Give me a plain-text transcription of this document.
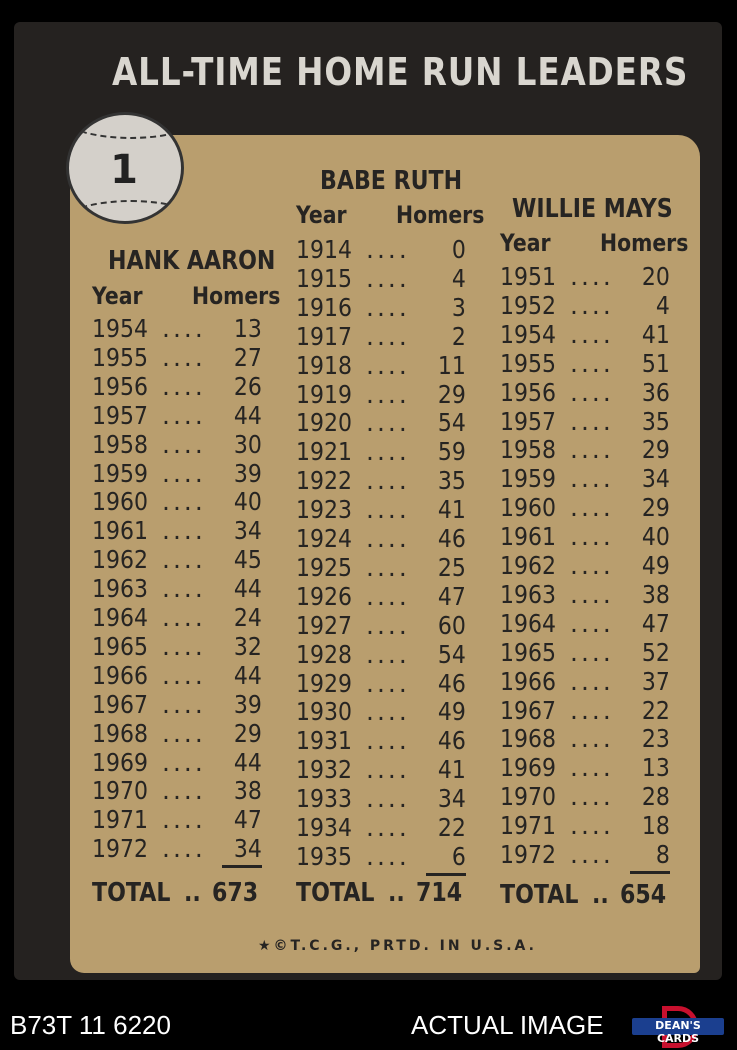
ALL-TIME HOME RUN LEADERS
1
HANK AARON
Year Homers
1954 .... 13
1955 .... 27
1956 .... 26
1957 .... 44
1958 .... 30
1959 .... 39
1960 .... 40
1961 .... 34
1962 .... 45
1963 .... 44
1964 .... 24
1965 .... 32
1966 .... 44
1967 .... 39
1968 .... 29
1969 .... 44
1970 .... 38
1971 .... 47
1972 .... 34
TOTAL .. 673
BABE RUTH
Year Homers
1914 .... 0
1915 .... 4
1916 .... 3
1917 .... 2
1918 .... 11
1919 .... 29
1920 .... 54
1921 .... 59
1922 .... 35
1923 .... 41
1924 .... 46
1925 .... 25
1926 .... 47
1927 .... 60
1928 .... 54
1929 .... 46
1930 .... 49
1931 .... 46
1932 .... 41
1933 .... 34
1934 .... 22
1935 .... 6
TOTAL .. 714
WILLIE MAYS
Year Homers
1951 .... 20
1952 .... 4
1954 .... 41
1955 .... 51
1956 .... 36
1957 .... 35
1958 .... 29
1959 .... 34
1960 .... 29
1961 .... 40
1962 .... 49
1963 .... 38
1964 .... 47
1965 .... 52
1966 .... 37
1967 .... 22
1968 .... 23
1969 .... 13
1970 .... 28
1971 .... 18
1972 .... 8
TOTAL .. 654
★©T.C.G., PRTD. IN U.S.A.
B73T 11 6220	ACTUAL IMAGE	DEAN'S CARDS
